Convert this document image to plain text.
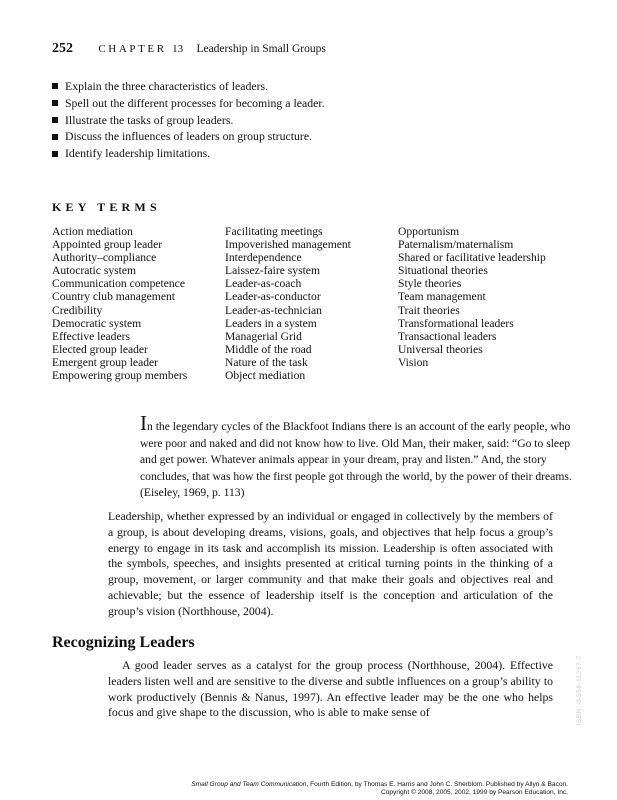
252 CHAPTER 13 Leadership in Small Groups
Explain the three characteristics of leaders.
Spell out the different processes for becoming a leader.
Illustrate the tasks of group leaders.
Discuss the influences of leaders on group structure.
Identify leadership limitations.
KEY TERMS
Action mediation
Appointed group leader
Authority–compliance
Autocratic system
Communication competence
Country club management
Credibility
Democratic system
Effective leaders
Elected group leader
Emergent group leader
Empowering group members
Facilitating meetings
Impoverished management
Interdependence
Laissez-faire system
Leader-as-coach
Leader-as-conductor
Leader-as-technician
Leaders in a system
Managerial Grid
Middle of the road
Nature of the task
Object mediation
Opportunism
Paternalism/maternalism
Shared or facilitative leadership
Situational theories
Style theories
Team management
Trait theories
Transformational leaders
Transactional leaders
Universal theories
Vision
In the legendary cycles of the Blackfoot Indians there is an account of the early people, who were poor and naked and did not know how to live. Old Man, their maker, said: “Go to sleep and get power. Whatever animals appear in your dream, pray and listen.” And, the story concludes, that was how the first people got through the world, by the power of their dreams. (Eiseley, 1969, p. 113)

Leadership, whether expressed by an individual or engaged in collectively by the members of a group, is about developing dreams, visions, goals, and objectives that help focus a group’s energy to engage in its task and accomplish its mission. Leadership is often associated with the symbols, speeches, and insights presented at critical turning points in the thinking of a group, movement, or larger community and that make their goals and objectives real and achievable; but the essence of leadership itself is the conception and articulation of the group’s vision (Northhouse, 2004).

Recognizing Leaders

A good leader serves as a catalyst for the group process (Northhouse, 2004). Effective leaders listen well and are sensitive to the diverse and subtle influences on a group’s ability to work productively (Bennis & Nanus, 1997). An effective leader may be the one who helps focus and give shape to the discussion, who is able to make sense of	ISBN: 0-558-11267-7
Small Group and Team Communication, Fourth Edition, by Thomas E. Harris and John C. Sherblom. Published by Allyn & Bacon.
Copyright © 2008, 2005, 2002, 1999 by Pearson Education, Inc.
